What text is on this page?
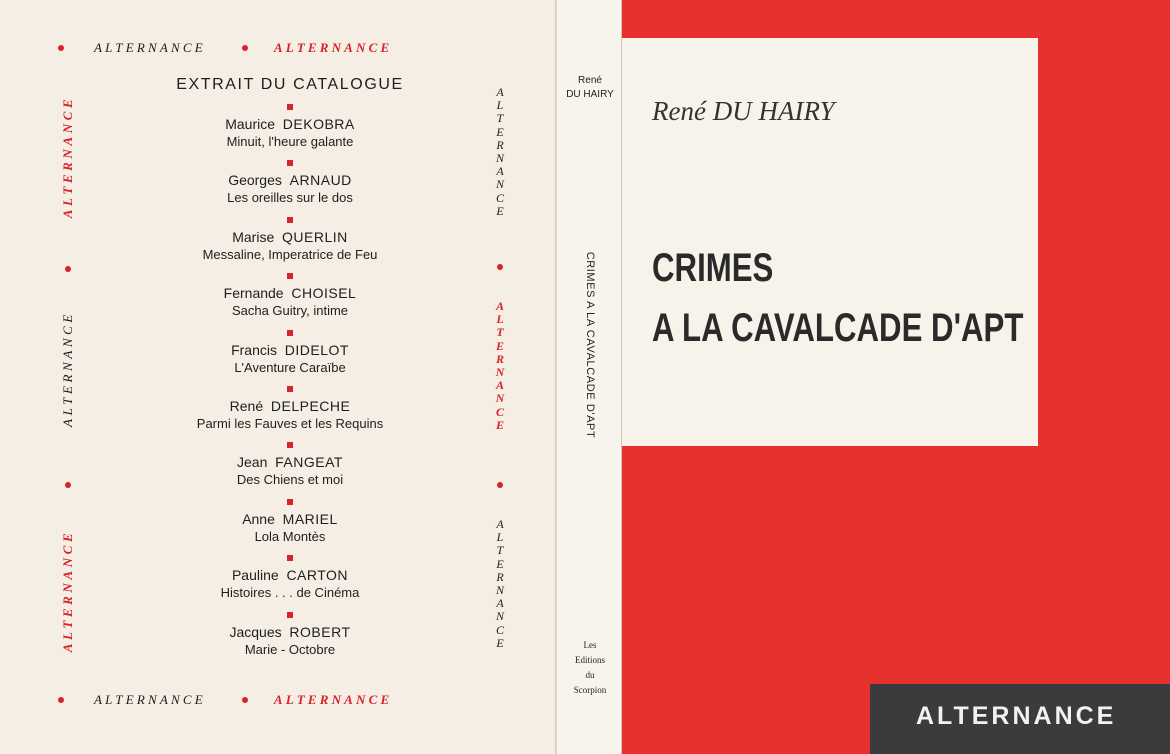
ALTERNANCE	ALTERNANCE
ALTERNANCE	ALTERNANCE
ALTERNANCE
ALTERNANCE
ALTERNANCE
A
L
T
E
R
N
A
N
C
E
A
L
T
E
R
N
A
N
C
E
A
L
T
E
R
N
A
N
C
E
EXTRAIT DU CATALOGUE
Maurice DEKOBRA
Minuit, l'heure galante
Georges ARNAUD
Les oreilles sur le dos
Marise QUERLIN
Messaline, Imperatrice de Feu
Fernande CHOISEL
Sacha Guitry, intime
Francis DIDELOT
L'Aventure Caraïbe
René DELPECHE
Parmi les Fauves et les Requins
Jean FANGEAT
Des Chiens et moi
Anne MARIEL
Lola Montès
Pauline CARTON
Histoires . . . de Cinéma
Jacques ROBERT
Marie - Octobre
René
DU HAIRY
CRIMES A LA CAVALCADE D'APT
Les
Editions
du
Scorpion
René DU HAIRY
CRIMES
A LA CAVALCADE D'APT
ALTERNANCE
